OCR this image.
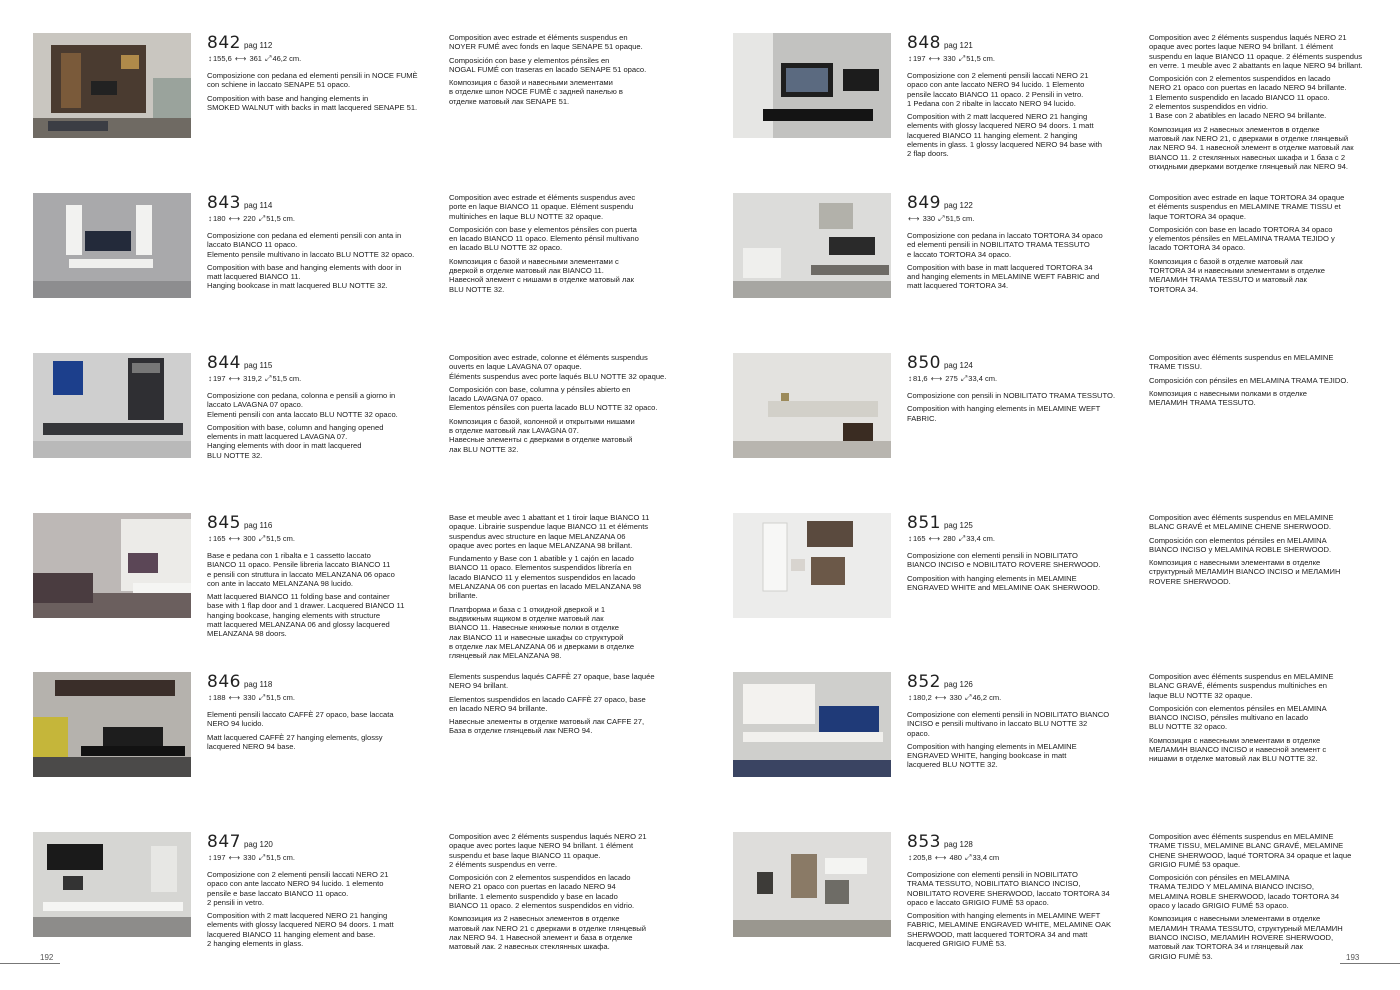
842 pag 112
↕155,6 ⟷ 361 ⤢46,2 cm.
Composizione con pedana ed elementi pensili in NOCE FUMÈ
con schiene in laccato SENAPE 51 opaco.
Composition with base and hanging elements in
SMOKED WALNUT with backs in matt lacquered SENAPE 51.
Composition avec estrade et éléments suspendus en
NOYER FUMÉ avec fonds en laque SENAPE 51 opaque.
Composición con base y elementos pénsiles en
NOGAL FUMÉ con traseras en lacado SENAPE 51 opaco.
Композиция с базой и навесными элементами
в отделке шпон NOCE FUMÈ с задней панелью в
отделке матовый лак SENAPE 51.
843 pag 114
↕180 ⟷ 220 ⤢51,5 cm.
Composizione con pedana ed elementi pensili con anta in
laccato BIANCO 11 opaco.
Elemento pensile multivano in laccato BLU NOTTE 32 opaco.
Composition with base and hanging elements with door in
matt lacquered BIANCO 11.
Hanging bookcase in matt lacquered BLU NOTTE 32.
Composition avec estrade et éléments suspendus avec
porte en laque BIANCO 11 opaque. Elément suspendu
multiniches en laque BLU NOTTE 32 opaque.
Composición con base y elementos pénsiles con puerta
en lacado BIANCO 11 opaco. Elemento pénsil multivano
en lacado BLU NOTTE 32 opaco.
Композиция с базой и навесными элементами с
дверкой в отделке матовый лак BIANCO 11.
Навесной элемент с нишами в отделке матовый лак
BLU NOTTE 32.
844 pag 115
↕197 ⟷ 319,2 ⤢51,5 cm.
Composizione con pedana, colonna e pensili a giorno in
laccato LAVAGNA 07 opaco.
Elementi pensili con anta laccato BLU NOTTE 32 opaco.
Composition with base, column and hanging opened
elements in matt lacquered LAVAGNA 07.
Hanging elements with door in matt lacquered
BLU NOTTE 32.
Composition avec estrade, colonne et éléments suspendus
ouverts en laque LAVAGNA 07 opaque.
Éléments suspendus avec porte laqués BLU NOTTE 32 opaque.
Composición con base, columna y pénsiles abierto en
lacado LAVAGNA 07 opaco.
Elementos pénsiles con puerta lacado BLU NOTTE 32 opaco.
Композиция с базой, колонной и открытыми нишами
в отделке матовый лак LAVAGNA 07.
Навесные элементы с дверками в отделке матовый
лак BLU NOTTE 32.
845 pag 116
↕165 ⟷ 300 ⤢51,5 cm.
Base e pedana con 1 ribalta e 1 cassetto laccato
BIANCO 11 opaco. Pensile libreria laccato BIANCO 11
e pensili con struttura in laccato MELANZANA 06 opaco
con ante in laccato MELANZANA 98 lucido.
Matt lacquered BIANCO 11 folding base and container
base with 1 flap door and 1 drawer. Lacquered BIANCO 11
hanging bookcase, hanging elements with structure
matt lacquered MELANZANA 06 and glossy lacquered
MELANZANA 98 doors.
Base et meuble avec 1 abattant et 1 tiroir laque BIANCO 11
opaque. Librairie suspendue laque BIANCO 11 et éléments
suspendus avec structure en laque MELANZANA 06
opaque avec portes en laque MELANZANA 98 brillant.
Fundamento y Base con 1 abatible y 1 cajón en lacado
BIANCO 11 opaco. Elementos suspendidos librería en
lacado BIANCO 11 y elementos suspendidos en lacado
MELANZANA 06 con puertas en lacado MELANZANA 98
brillante.
Платформа и база с 1 откидной дверкой и 1
выдвижным ящиком в отделке матовый лак
BIANCO 11. Навесные книжные полки в отделке
лак BIANCO 11 и навесные шкафы со структурой
в отделке лак MELANZANA 06 и дверками в отделке
глянцевый лак MELANZANA 98.
846 pag 118
↕188 ⟷ 330 ⤢51,5 cm.
Elementi pensili laccato CAFFÈ 27 opaco, base laccata
NERO 94 lucido.
Matt lacquered CAFFÈ 27 hanging elements, glossy
lacquered NERO 94 base.
Elements suspendus laqués CAFFÈ 27 opaque, base laquée
NERO 94 brillant.
Elementos suspendidos en lacado CAFFÈ 27 opaco, base
en lacado NERO 94 brillante.
Навесные элементы в отделке матовый лак CAFFE 27,
База в отделке глянцевый лак NERO 94.
847 pag 120
↕197 ⟷ 330 ⤢51,5 cm.
Composizione con 2 elementi pensili laccati NERO 21
opaco con ante laccato NERO 94 lucido. 1 elemento
pensile e base laccato BIANCO 11 opaco.
2 pensili in vetro.
Composition with 2 matt lacquered NERO 21 hanging
elements with glossy lacquered NERO 94 doors. 1 matt
lacquered BIANCO 11 hanging element and base.
2 hanging elements in glass.
Composition avec 2 éléments suspendus laqués NERO 21
opaque avec portes laque NERO 94 brillant. 1 élément
suspendu et base laque BIANCO 11 opaque.
2 éléments suspendus en verre.
Composición con 2 elementos suspendidos en lacado
NERO 21 opaco con puertas en lacado NERO 94
brillante. 1 elemento suspendido y base en lacado
BIANCO 11 opaco. 2 elementos suspendidos en vidrio.
Композиция из 2 навесных элементов в отделке
матовый лак NERO 21 с дверками в отделке глянцевый
лак NERO 94. 1 Навесной элемент и база в отделке
матовый лак. 2 навесных стеклянных шкафа.
848 pag 121
↕197 ⟷ 330 ⤢51,5 cm.
Composizione con 2 elementi pensili laccati NERO 21
opaco con ante laccato NERO 94 lucido. 1 Elemento
pensile laccato BIANCO 11 opaco. 2 Pensili in vetro.
1 Pedana con 2 ribalte in laccato NERO 94 lucido.
Composition with 2 matt lacquered NERO 21 hanging
elements with glossy lacquered NERO 94 doors. 1 matt
lacquered BIANCO 11 hanging element. 2 hanging
elements in glass. 1 glossy lacquered NERO 94 base with
2 flap doors.
Composition avec 2 éléments suspendus laqués NERO 21
opaque avec portes laque NERO 94 brillant. 1 élément
suspendu en laque BIANCO 11 opaque. 2 éléments suspendus
en verre. 1 meuble avec 2 abattants en laque NERO 94 brillant.
Composición con 2 elementos suspendidos en lacado
NERO 21 opaco con puertas en lacado NERO 94 brillante.
1 Elemento suspendido en lacado BIANCO 11 opaco.
2 elementos suspendidos en vidrio.
1 Base con 2 abatibles en lacado NERO 94 brillante.
Композиция из 2 навесных элементов в отделке
матовый лак NERO 21, с дверками в отделке глянцевый
лак NERO 94. 1 навесной элемент в отделке матовый лак
BIANCO 11. 2 стеклянных навесных шкафа и 1 база с 2
откидными дверками вотделке глянцевый лак NERO 94.
849 pag 122
⟷ 330 ⤢51,5 cm.
Composizione con pedana in laccato TORTORA 34 opaco
ed elementi pensili in NOBILITATO TRAMA TESSUTO
e laccato TORTORA 34 opaco.
Composition with base in matt lacquered TORTORA 34
and hanging elements in MELAMINE WEFT FABRIC and
matt lacquered TORTORA 34.
Composition avec estrade en laque TORTORA 34 opaque
et éléments suspendus en MELAMINE TRAME TISSU et
laque TORTORA 34 opaque.
Composición con base en lacado TORTORA 34 opaco
y elementos pénsiles en MELAMINA TRAMA TEJIDO y
lacado TORTORA 34 opaco.
Композиция с базой в отделке матовый лак
TORTORA 34 и навесными элементами в отделке
МЕЛАМИН TRAMA TESSUTO и матовый лак
TORTORA 34.
850 pag 124
↕81,6 ⟷ 275 ⤢33,4 cm.
Composizione con pensili in NOBILITATO TRAMA TESSUTO.
Composition with hanging elements in MELAMINE WEFT
FABRIC.
Composition avec éléments suspendus en MELAMINE
TRAME TISSU.
Composición con pénsiles en MELAMINA TRAMA TEJIDO.
Композиция с навесными полками в отделке
МЕЛАМИН TRAMA TESSUTO.
851 pag 125
↕165 ⟷ 280 ⤢33,4 cm.
Composizione con elementi pensili in NOBILITATO
BIANCO INCISO e NOBILITATO ROVERE SHERWOOD.
Composition with hanging elements in MELAMINE
ENGRAVED WHITE and MELAMINE OAK SHERWOOD.
Composition avec éléments suspendus en MELAMINE
BLANC GRAVÉ et MELAMINE CHENE SHERWOOD.
Composición con elementos pénsiles en MELAMINA
BIANCO INCISO y MELAMINA ROBLE SHERWOOD.
Композиция с навесными элементами в отделке
структурный МЕЛАМИН BIANCO INCISO и МЕЛАМИН
ROVERE SHERWOOD.
852 pag 126
↕180,2 ⟷ 330 ⤢46,2 cm.
Composizione con elementi pensili in NOBILITATO BIANCO
INCISO e pensili multivano in laccato BLU NOTTE 32
opaco.
Composition with hanging elements in MELAMINE
ENGRAVED WHITE, hanging bookcase in matt
lacquered BLU NOTTE 32.
Composition avec éléments suspendus en MELAMINE
BLANC GRAVÉ, éléments suspendus multiniches en
laque BLU NOTTE 32 opaque.
Composición con elementos pénsiles en MELAMINA
BIANCO INCISO, pénsiles multivano en lacado
BLU NOTTE 32 opaco.
Композиция с навесными элементами в отделке
МЕЛАМИН BIANCO INCISO и навесной элемент с
нишами в отделке матовый лак BLU NOTTE 32.
853 pag 128
↕205,8 ⟷ 480 ⤢33,4 cm
Composizione con elementi pensili in NOBILITATO
TRAMA TESSUTO, NOBILITATO BIANCO INCISO,
NOBILITATO ROVERE SHERWOOD, laccato TORTORA 34
opaco e laccato GRIGIO FUMÈ 53 opaco.
Composition with hanging elements in MELAMINE WEFT
FABRIC, MELAMINE ENGRAVED WHITE, MELAMINE OAK
SHERWOOD, matt lacquered TORTORA 34 and matt
lacquered GRIGIO FUMÈ 53.
Composition avec éléments suspendus en MELAMINE
TRAME TISSU, MELAMINE BLANC GRAVÉ, MELAMINE
CHENE SHERWOOD, laqué TORTORA 34 opaque et laque
GRIGIO FUMÉ 53 opaque.
Composición con pénsiles en MELAMINA
TRAMA TEJIDO Y MELAMINA BIANCO INCISO,
MELAMINA ROBLE SHERWOOD, lacado TORTORA 34
opaco y lacado GRIGIO FUMÉ 53 opaco.
Композиция с навесными элементами в отделке
МЕЛАМИН TRAMA TESSUTO, структурный МЕЛАМИН
BIANCO INCISO, МЕЛАМИН ROVERE SHERWOOD,
матовый лак TORTORA 34 и глянцевый лак
GRIGIO FUMÈ 53.
192	193
